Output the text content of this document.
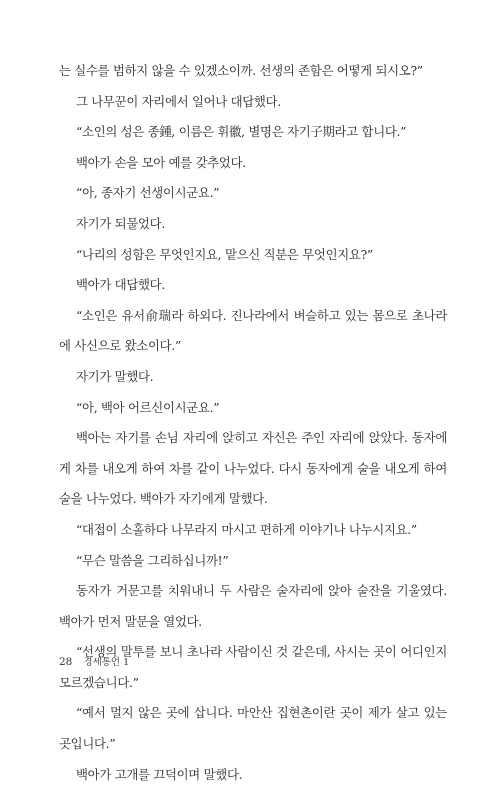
는 실수를 범하지 않을 수 있겠소이까. 선생의 존함은 어떻게 되시오?”

그 나무꾼이 자리에서 일어나 대답했다.

“소인의 성은 종鍾, 이름은 휘徽, 별명은 자기子期라고 합니다.”

백아가 손을 모아 예를 갖추었다.

“아, 종자기 선생이시군요.”

자기가 되물었다.

“나리의 성함은 무엇인지요, 맡으신 직분은 무엇인지요?”

백아가 대답했다.

“소인은 유서俞瑞라 하외다. 진나라에서 벼슬하고 있는 몸으로 초나라에 사신으로 왔소이다.”

자기가 말했다.

“아, 백아 어르신이시군요.”

백아는 자기를 손님 자리에 앉히고 자신은 주인 자리에 앉았다. 동자에게 차를 내오게 하여 차를 같이 나누었다. 다시 동자에게 술을 내오게 하여 술을 나누었다. 백아가 자기에게 말했다.

“대접이 소홀하다 나무라지 마시고 편하게 이야기나 나누시지요.”

“무슨 말씀을 그리하십니까!”

동자가 거문고를 치워내니 두 사람은 술자리에 앉아 술잔을 기울였다. 백아가 먼저 말문을 열었다.

“선생의 말투를 보니 초나라 사람이신 것 같은데, 사시는 곳이 어디인지 모르겠습니다.”

“예서 멀지 않은 곳에 삽니다. 마안산 집현촌이란 곳이 제가 살고 있는 곳입니다.”

백아가 고개를 끄덕이며 말했다.

28 경세통언 1
